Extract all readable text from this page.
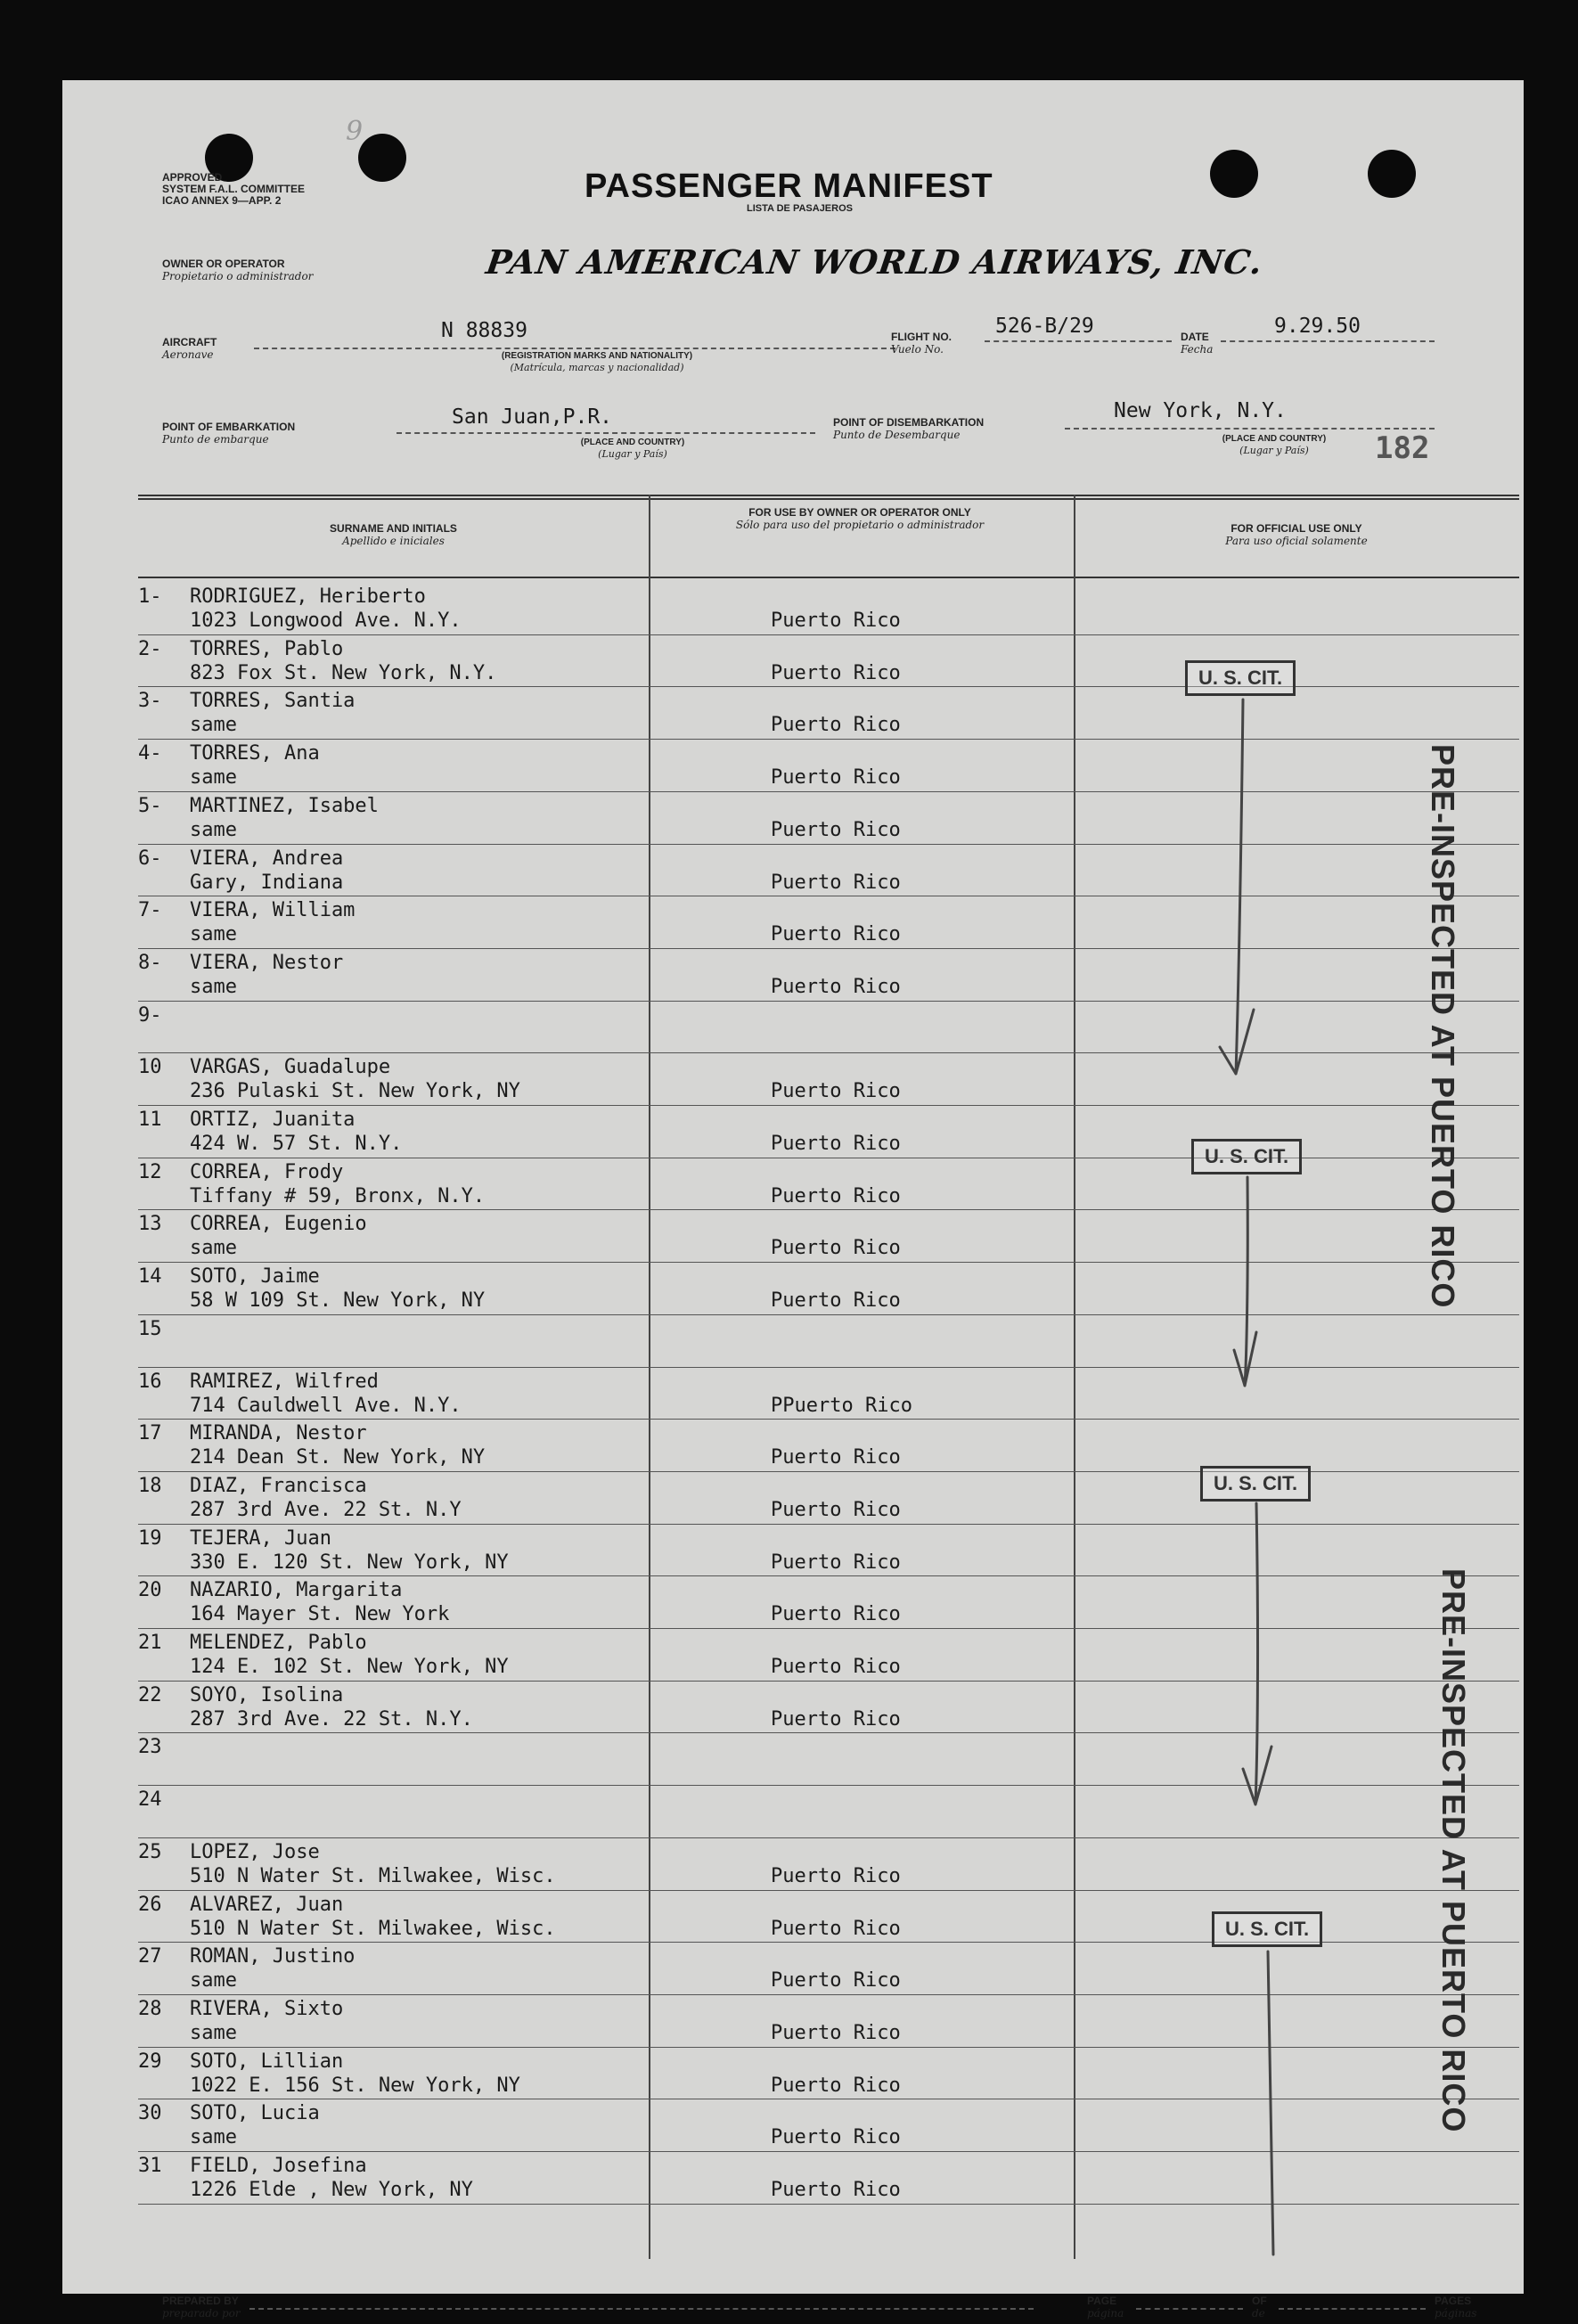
9
APPROVED
SYSTEM F.A.L. COMMITTEE
ICAO ANNEX 9—APP. 2	PASSENGER MANIFEST
LISTA DE PASAJEROS
OWNER OR OPERATOR
Propietario o administrador	PAN AMERICAN WORLD AIRWAYS, INC.
AIRCRAFT
Aeronave
N 88839
(REGISTRATION MARKS AND NATIONALITY)
(Matrícula, marcas y nacionalidad)
FLIGHT NO.
Vuelo No.
526-B/29	DATE
Fecha
9.29.50
POINT OF EMBARKATION
Punto de embarque
San Juan,P.R.
(PLACE AND COUNTRY)
(Lugar y País)
POINT OF DISEMBARKATION
Punto de Desembarque
New York, N.Y.
(PLACE AND COUNTRY)
(Lugar y País)	182
SURNAME AND INITIALS
Apellido e iniciales
FOR USE BY OWNER OR OPERATOR ONLY
Sólo para uso del propietario o administrador	FOR OFFICIAL USE ONLY
Para uso oficial solamente
1- RODRIGUEZ, Heriberto
1023 Longwood Ave. N.Y.	Puerto Rico
2- TORRES, Pablo
823 Fox St. New York, N.Y.	Puerto Rico
3- TORRES, Santia
same	Puerto Rico
4- TORRES, Ana
same	Puerto Rico
5- MARTINEZ, Isabel
same	Puerto Rico
6- VIERA, Andrea
Gary, Indiana	Puerto Rico
7- VIERA, William
same	Puerto Rico
8- VIERA, Nestor
same	Puerto Rico
9-
10 VARGAS, Guadalupe
236 Pulaski St. New York, NY	Puerto Rico
11 ORTIZ, Juanita
424 W. 57 St. N.Y.	Puerto Rico
12 CORREA, Frody
Tiffany # 59, Bronx, N.Y.	Puerto Rico
13 CORREA, Eugenio
same	Puerto Rico
14 SOTO, Jaime
58 W 109 St. New York, NY	Puerto Rico
15
16 RAMIREZ, Wilfred
714 Cauldwell Ave. N.Y.	PPuerto Rico
17 MIRANDA, Nestor
214 Dean St. New York, NY	Puerto Rico
18 DIAZ, Francisca
287 3rd Ave. 22 St. N.Y	Puerto Rico
19 TEJERA, Juan
330 E. 120 St. New York, NY	Puerto Rico
20 NAZARIO, Margarita
164 Mayer St. New York	Puerto Rico
21 MELENDEZ, Pablo
124 E. 102 St. New York, NY	Puerto Rico
22 SOYO, Isolina
287 3rd Ave. 22 St. N.Y.	Puerto Rico
23
24
25 LOPEZ, Jose
510 N Water St. Milwakee, Wisc.	Puerto Rico
26 ALVAREZ, Juan
510 N Water St. Milwakee, Wisc.	Puerto Rico
27 ROMAN, Justino
same	Puerto Rico
28 RIVERA, Sixto
same	Puerto Rico
29 SOTO, Lillian
1022 E. 156 St. New York, NY	Puerto Rico
30 SOTO, Lucia
same	Puerto Rico
31 FIELD, Josefina
1226 Elde , New York, NY	Puerto Rico
U. S. CIT.
U. S. CIT.
U. S. CIT.
U. S. CIT.
PRE-INSPECTED AT PUERTO RICO
PRE-INSPECTED AT PUERTO RICO
PREPARED BY
preparado por
PAGE
página
OF
de
PAGES
páginas
